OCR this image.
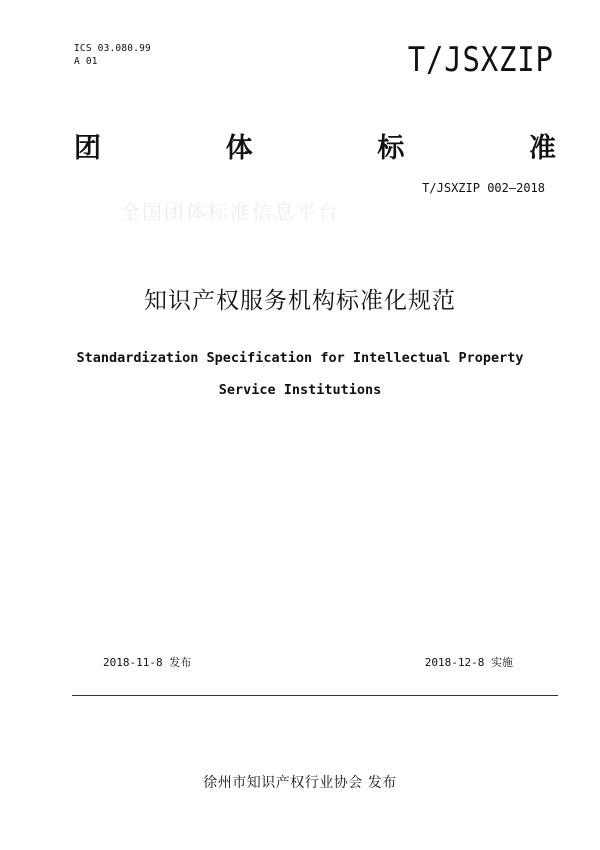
ICS 03.080.99
A 01	T/JSXZIP
团	体	标	准
T/JSXZIP 002—2018
全国团体标准信息平台
知识产权服务机构标准化规范
Standardization Specification for Intellectual Property
Service Institutions
2018-11-8 发布	2018-12-8 实施
徐州市知识产权行业协会 发布
